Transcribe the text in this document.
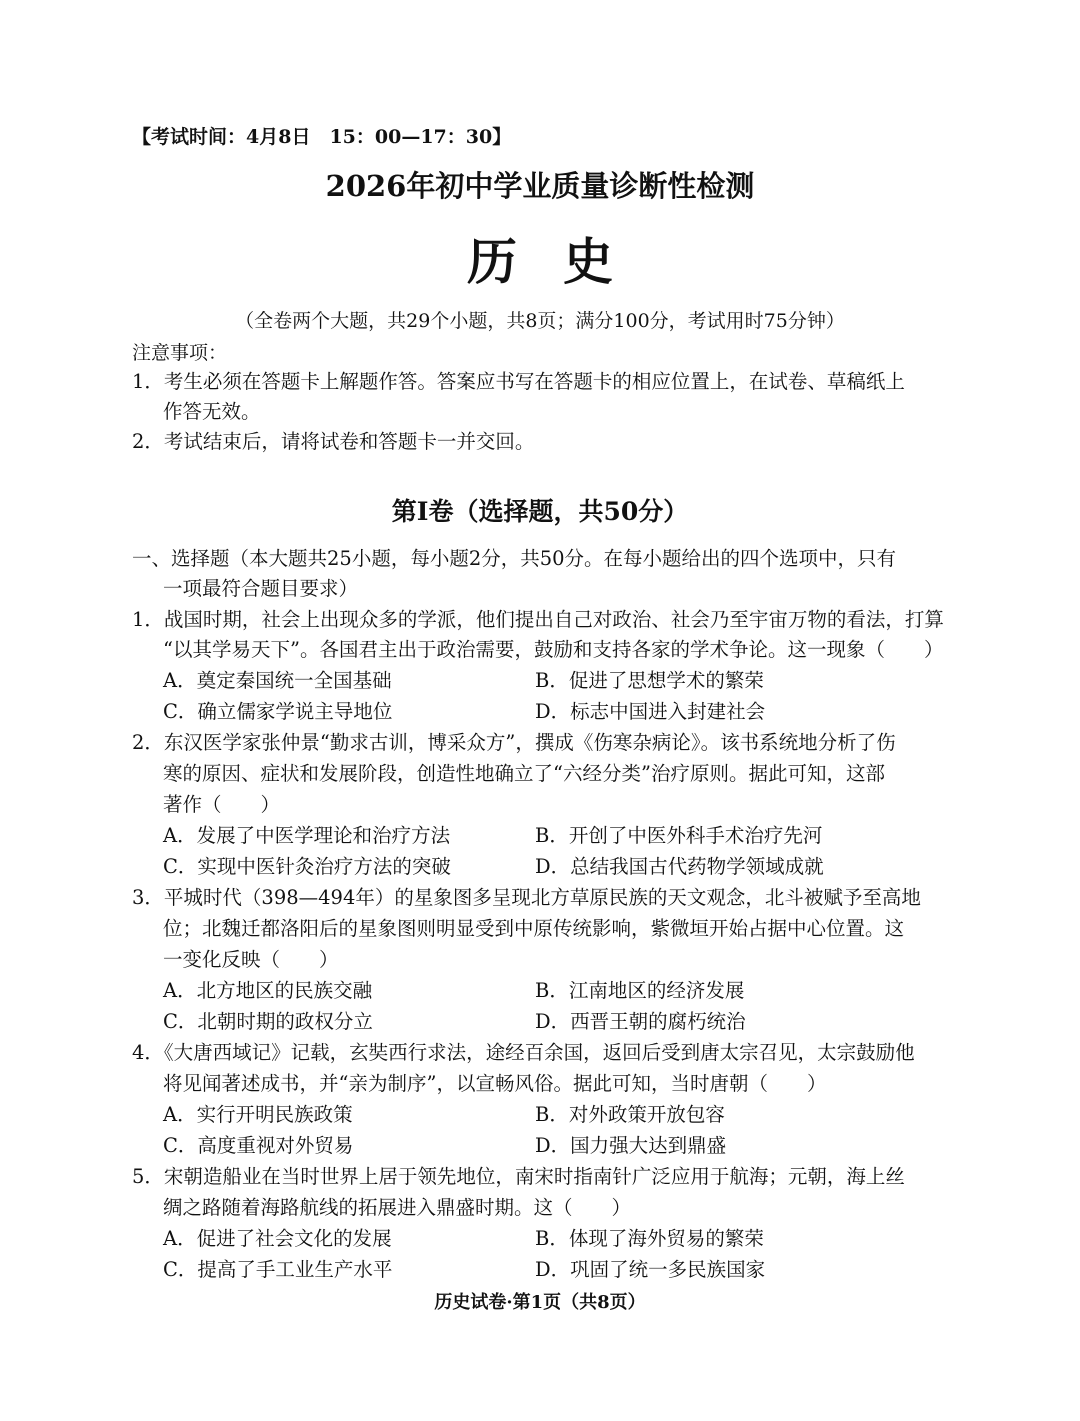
【考试时间：4月8日　15：00—17：30】
2026年初中学业质量诊断性检测
历史
（全卷两个大题，共29个小题，共8页；满分100分，考试用时75分钟）
注意事项：
1．考生必须在答题卡上解题作答。答案应书写在答题卡的相应位置上，在试卷、草稿纸上
作答无效。
2．考试结束后，请将试卷和答题卡一并交回。
第Ⅰ卷（选择题，共50分）
一、选择题（本大题共25小题，每小题2分，共50分。在每小题给出的四个选项中，只有
一项最符合题目要求）
1．战国时期，社会上出现众多的学派，他们提出自己对政治、社会乃至宇宙万物的看法，打算
“以其学易天下”。各国君主出于政治需要，鼓励和支持各家的学术争论。这一现象（　　）
A．奠定秦国统一全国基础	B．促进了思想学术的繁荣
C．确立儒家学说主导地位	D．标志中国进入封建社会
2．东汉医学家张仲景“勤求古训，博采众方”，撰成《伤寒杂病论》。该书系统地分析了伤
寒的原因、症状和发展阶段，创造性地确立了“六经分类”治疗原则。据此可知，这部
著作（　　）
A．发展了中医学理论和治疗方法	B．开创了中医外科手术治疗先河
C．实现中医针灸治疗方法的突破	D．总结我国古代药物学领域成就
3．平城时代（398—494年）的星象图多呈现北方草原民族的天文观念，北斗被赋予至高地
位；北魏迁都洛阳后的星象图则明显受到中原传统影响，紫微垣开始占据中心位置。这
一变化反映（　　）
A．北方地区的民族交融	B．江南地区的经济发展
C．北朝时期的政权分立	D．西晋王朝的腐朽统治
4．《大唐西域记》记载，玄奘西行求法，途经百余国，返回后受到唐太宗召见，太宗鼓励他
将见闻著述成书，并“亲为制序”，以宣畅风俗。据此可知，当时唐朝（　　）
A．实行开明民族政策	B．对外政策开放包容
C．高度重视对外贸易	D．国力强大达到鼎盛
5．宋朝造船业在当时世界上居于领先地位，南宋时指南针广泛应用于航海；元朝，海上丝
绸之路随着海路航线的拓展进入鼎盛时期。这（　　）
A．促进了社会文化的发展	B．体现了海外贸易的繁荣
C．提高了手工业生产水平	D．巩固了统一多民族国家
历史试卷·第1页（共8页）
